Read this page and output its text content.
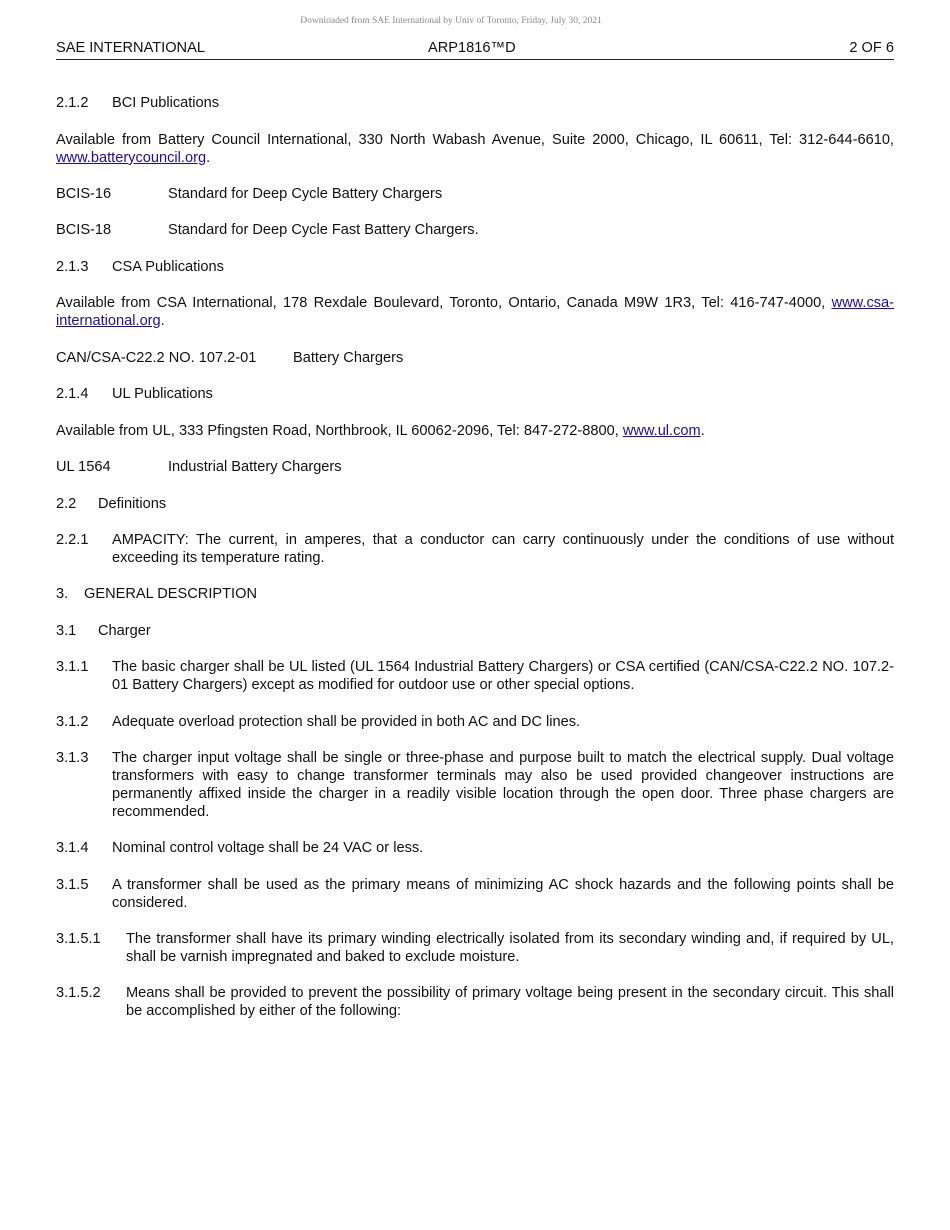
Downloaded from SAE International by Univ of Toronto, Friday, July 30, 2021
SAE INTERNATIONAL	ARP1816™D	2 OF 6
2.1.2 BCI Publications
Available from Battery Council International, 330 North Wabash Avenue, Suite 2000, Chicago, IL 60611, Tel: 312-644-6610, www.batterycouncil.org.
BCIS-16	Standard for Deep Cycle Battery Chargers
BCIS-18	Standard for Deep Cycle Fast Battery Chargers.
2.1.3 CSA Publications
Available from CSA International, 178 Rexdale Boulevard, Toronto, Ontario, Canada M9W 1R3, Tel: 416-747-4000, www.csa-international.org.
CAN/CSA-C22.2 NO. 107.2-01	Battery Chargers
2.1.4 UL Publications
Available from UL, 333 Pfingsten Road, Northbrook, IL 60062-2096, Tel: 847-272-8800, www.ul.com.
UL 1564	Industrial Battery Chargers
2.2 Definitions
2.2.1 AMPACITY: The current, in amperes, that a conductor can carry continuously under the conditions of use without exceeding its temperature rating.
3. GENERAL DESCRIPTION
3.1 Charger
3.1.1 The basic charger shall be UL listed (UL 1564 Industrial Battery Chargers) or CSA certified (CAN/CSA-C22.2 NO. 107.2-01 Battery Chargers) except as modified for outdoor use or other special options.
3.1.2 Adequate overload protection shall be provided in both AC and DC lines.
3.1.3 The charger input voltage shall be single or three-phase and purpose built to match the electrical supply. Dual voltage transformers with easy to change transformer terminals may also be used provided changeover instructions are permanently affixed inside the charger in a readily visible location through the open door. Three phase chargers are recommended.
3.1.4 Nominal control voltage shall be 24 VAC or less.
3.1.5 A transformer shall be used as the primary means of minimizing AC shock hazards and the following points shall be considered.
3.1.5.1 The transformer shall have its primary winding electrically isolated from its secondary winding and, if required by UL, shall be varnish impregnated and baked to exclude moisture.
3.1.5.2 Means shall be provided to prevent the possibility of primary voltage being present in the secondary circuit. This shall be accomplished by either of the following:
